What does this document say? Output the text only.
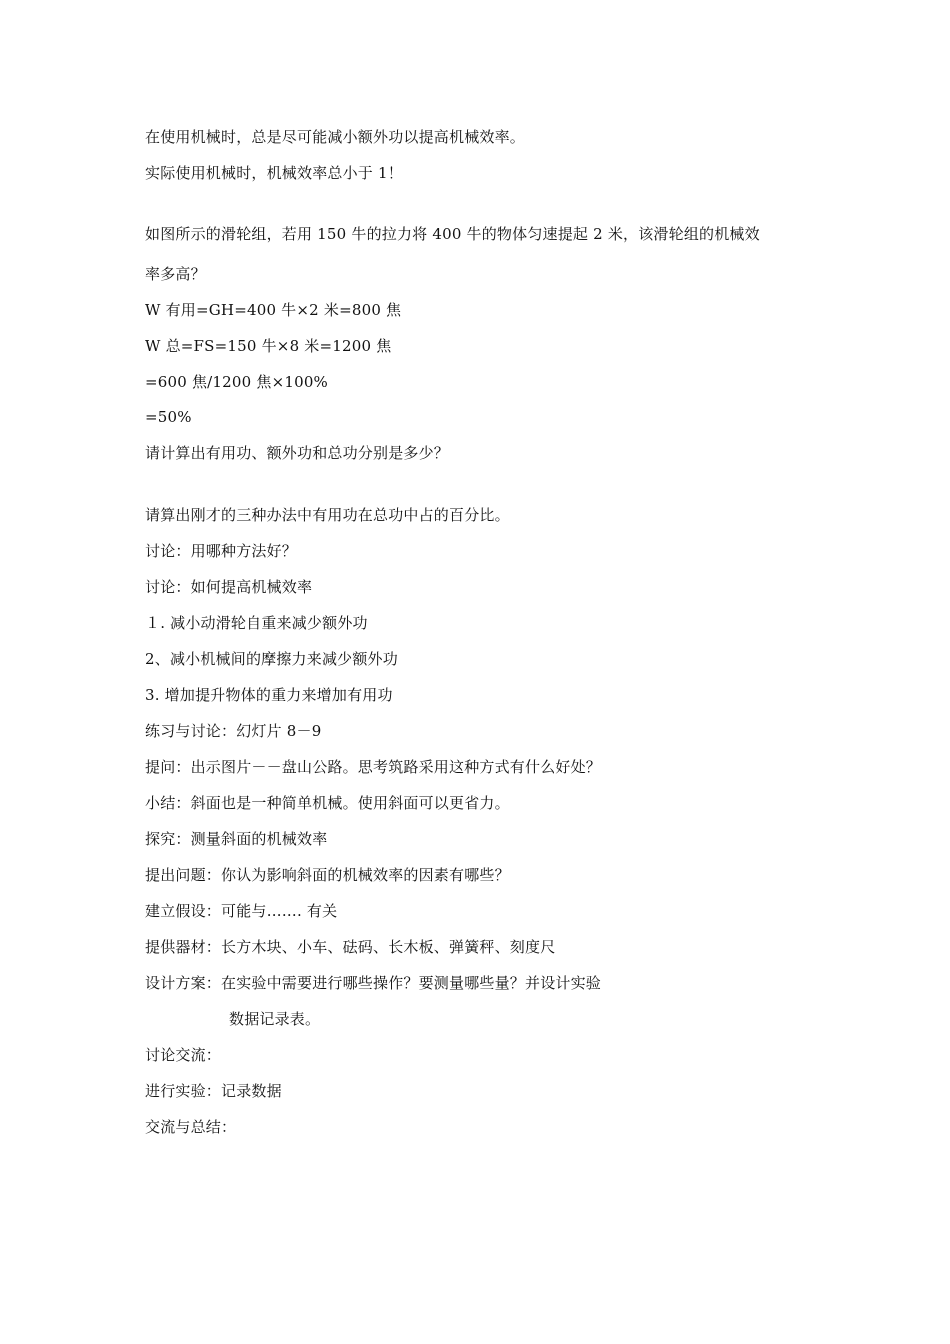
在使用机械时，总是尽可能减小额外功以提高机械效率。
实际使用机械时，机械效率总小于 1！
如图所示的滑轮组，若用 150 牛的拉力将 400 牛的物体匀速提起 2 米，该滑轮组的机械效
率多高？
W 有用=GH=400 牛×2 米=800 焦
W 总=FS=150 牛×8 米=1200 焦
=600 焦/1200 焦×100%
=50%
请计算出有用功、额外功和总功分别是多少？
请算出刚才的三种办法中有用功在总功中占的百分比。
讨论：用哪种方法好？
讨论：如何提高机械效率
１. 减小动滑轮自重来减少额外功
2、减小机械间的摩擦力来减少额外功
3. 增加提升物体的重力来增加有用功
练习与讨论：幻灯片 8－9
提问：出示图片－－盘山公路。思考筑路采用这种方式有什么好处？
小结：斜面也是一种简单机械。使用斜面可以更省力。
探究：测量斜面的机械效率
提出问题：你认为影响斜面的机械效率的因素有哪些？
建立假设：可能与……. 有关
提供器材：长方木块、小车、砝码、长木板、弹簧秤、刻度尺
设计方案：在实验中需要进行哪些操作？要测量哪些量？并设计实验
数据记录表。
讨论交流：
进行实验：记录数据
交流与总结：
